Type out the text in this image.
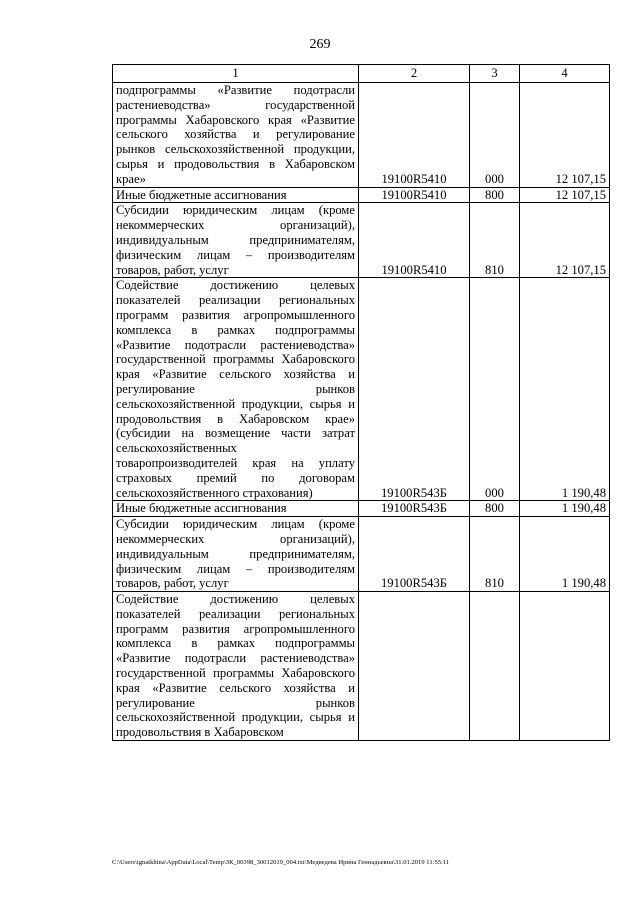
269
1	2	3	4
подпрограммы «Развитие подотрасли растениеводства» государственной программы Хабаровского края «Развитие сельского хозяйства и регулирование рынков сельскохозяйственной продукции, сырья и продовольствия в Хабаровском крае»	19100R5410	000	12 107,15
Иные бюджетные ассигнования	19100R5410	800	12 107,15
Субсидии юридическим лицам (кроме некоммерческих организаций), индивидуальным предпринимателям, физическим лицам – производителям товаров, работ, услуг	19100R5410	810	12 107,15
Содействие достижению целевых показателей реализации региональных программ развития агропромышленного комплекса в рамках подпрограммы «Развитие подотрасли растениеводства» государственной программы Хабаровского края «Развитие сельского хозяйства и регулирование рынков сельскохозяйственной продукции, сырья и продовольствия в Хабаровском крае» (субсидии на возмещение части затрат сельскохозяйственных товаропроизводителей края на уплату страховых премий по договорам сельскохозяйственного страхования)	19100R543Б	000	1 190,48
Иные бюджетные ассигнования	19100R543Б	800	1 190,48
Субсидии юридическим лицам (кроме некоммерческих организаций), индивидуальным предпринимателям, физическим лицам – производителям товаров, работ, услуг	19100R543Б	810	1 190,48
Содействие достижению целевых показателей реализации региональных программ развития агропромышленного комплекса в рамках подпрограммы «Развитие подотрасли растениеводства» государственной программы Хабаровского края «Развитие сельского хозяйства и регулирование рынков сельскохозяйственной продукции, сырья и продовольствия в Хабаровском			
C:\Users\ignatkhina\AppData\Local\Temp\ЗК_00398_30012019_004.txt\Медведева Ирина Геннадьевна\31.01.2019 11:55:11
